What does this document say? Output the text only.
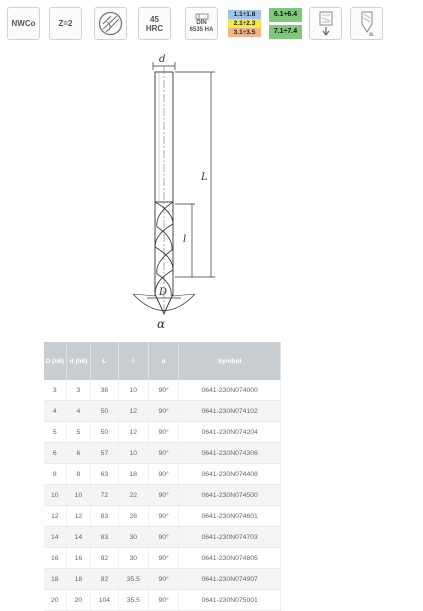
NWCo	Z=2	45
HRC
DIN
6535 HA
1.1÷1.8
2.1÷2.3
3.1÷3.5
6.1÷6.4
7.1÷7.4	α
d
L
l
D
α
D (h6)	d (h6)	L	l	α	Symbol
3	3	38	10	90°	0641-230N074000
4	4	50	12	90°	0641-230N074102
5	5	50	12	90°	0641-230N074204
6	6	57	10	90°	0641-230N074306
8	8	63	18	90°	0641-230N074408
10	10	72	22	90°	0641-230N074500
12	12	83	28	90°	0641-230N074601
14	14	83	30	90°	0641-230N074703
16	16	92	30	90°	0641-230N074805
18	18	92	35.5	90°	0641-230N074907
20	20	104	35.5	90°	0641-230N075001
